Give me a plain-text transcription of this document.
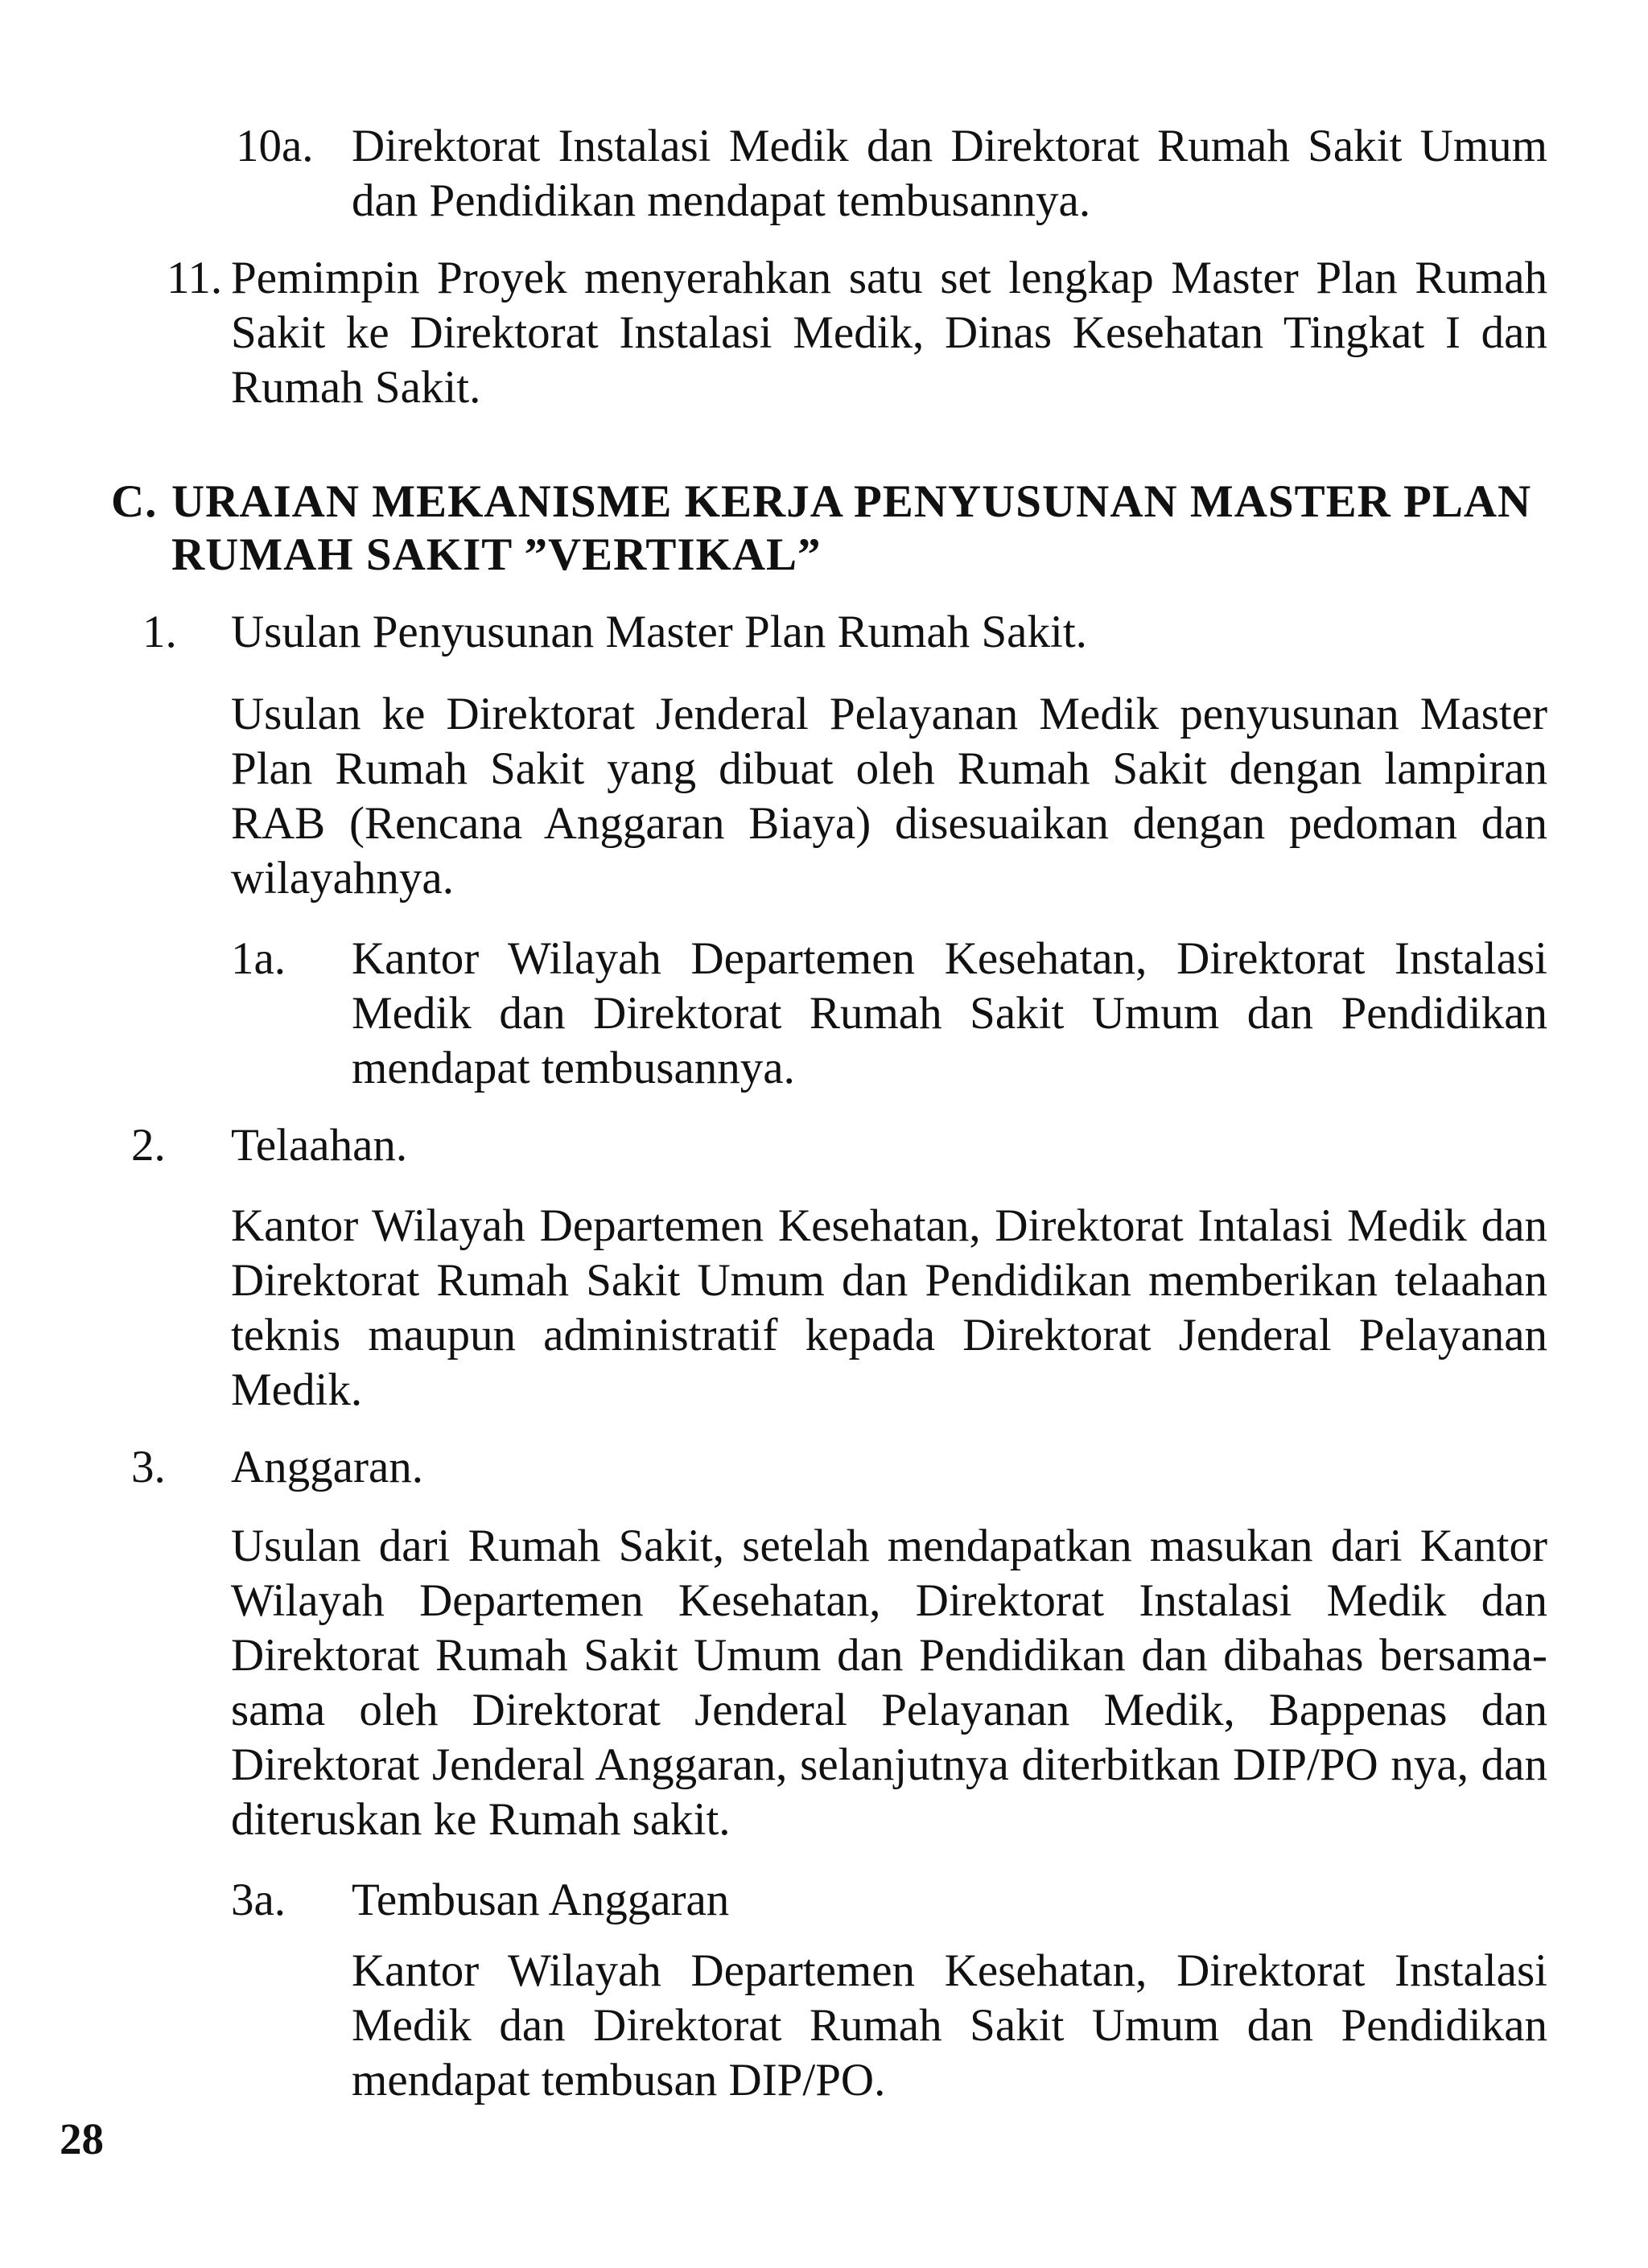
10a. Direktorat Instalasi Medik dan Direktorat Rumah Sakit Umum dan Pendidikan mendapat tembusannya.

11. Pemimpin Proyek menyerahkan satu set lengkap Master Plan Rumah Sakit ke Direktorat Instalasi Medik, Dinas Kesehatan Tingkat I dan Rumah Sakit.

C. URAIAN MEKANISME KERJA PENYUSUNAN MASTER PLAN

RUMAH SAKIT ”VERTIKAL”

1. Usulan Penyusunan Master Plan Rumah Sakit.

Usulan ke Direktorat Jenderal Pelayanan Medik penyusunan Master Plan Rumah Sakit yang dibuat oleh Rumah Sakit dengan lampiran RAB (Rencana Anggaran Biaya) disesuaikan dengan pedoman dan wilayahnya.

1a. Kantor Wilayah Departemen Kesehatan, Direktorat Instalasi Medik dan Direktorat Rumah Sakit Umum dan Pendidikan mendapat tembusannya.

2. Telaahan.

Kantor Wilayah Departemen Kesehatan, Direktorat Intalasi Medik dan Direktorat Rumah Sakit Umum dan Pendidikan memberikan telaahan teknis maupun administratif kepada Direktorat Jenderal Pelayanan Medik.

3. Anggaran.

Usulan dari Rumah Sakit, setelah mendapatkan masukan dari Kantor Wilayah Departemen Kesehatan, Direktorat Instalasi Medik dan Direktorat Rumah Sakit Umum dan Pendidikan dan dibahas bersama-sama oleh Direktorat Jenderal Pelayanan Medik, Bappenas dan Direktorat Jenderal Anggaran, selanjutnya diterbitkan DIP/PO nya, dan diteruskan ke Rumah sakit.

3a. Tembusan Anggaran

Kantor Wilayah Departemen Kesehatan, Direktorat Instalasi Medik dan Direktorat Rumah Sakit Umum dan Pendidikan mendapat tembusan DIP/PO.

28
